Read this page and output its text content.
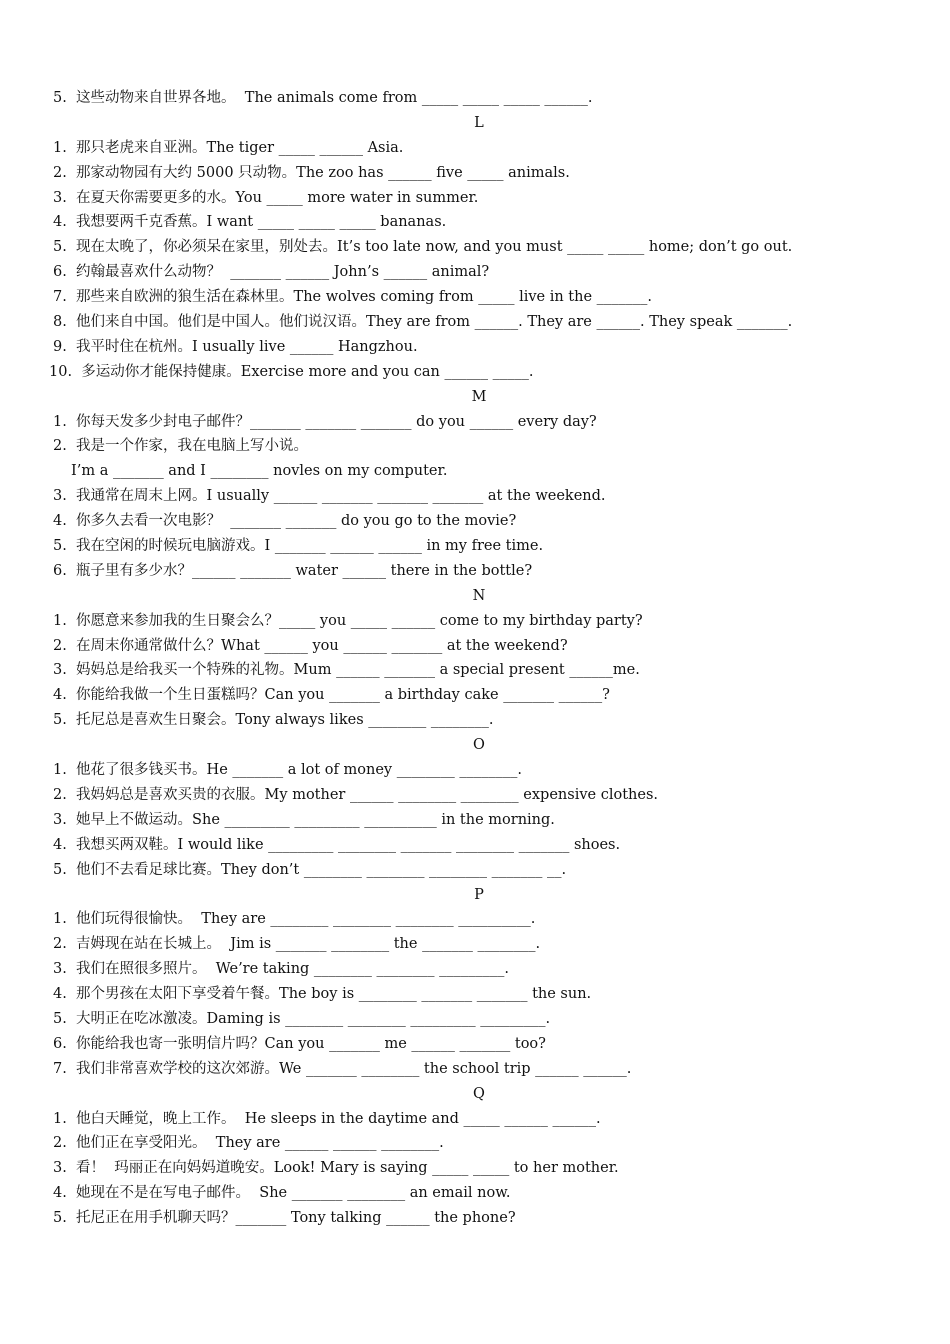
5.  这些动物来自世界各地。  The animals come from _____ _____ _____ ______.
L
1.  那只老虎来自亚洲。The tiger _____ ______ Asia.
2.  那家动物园有大约 5000 只动物。The zoo has ______ five _____ animals.
3.  在夏天你需要更多的水。You _____ more water in summer.
4.  我想要两千克香蕉。I want _____ _____ _____ bananas.
5.  现在太晚了，你必须呆在家里，别处去。It’s too late now, and you must _____ _____ home; don’t go out.
6.  约翰最喜欢什么动物？  _______ ______ John’s ______ animal?
7.  那些来自欧洲的狼生活在森林里。The wolves coming from _____ live in the _______.
8.  他们来自中国。他们是中国人。他们说汉语。They are from ______. They are ______. They speak _______.
9.  我平时住在杭州。I usually live ______ Hangzhou.
10.  多运动你才能保持健康。Exercise more and you can ______ _____.
M
1.  你每天发多少封电子邮件？_______ _______ _______ do you ______ every day?
2.  我是一个作家，我在电脑上写小说。
I’m a _______ and I ________ novles on my computer.
3.  我通常在周末上网。I usually ______ _______ _______ _______ at the weekend.
4.  你多久去看一次电影？  _______ _______ do you go to the movie?
5.  我在空闲的时候玩电脑游戏。I _______ ______ ______ in my free time.
6.  瓶子里有多少水？______ _______ water ______ there in the bottle?
N
1.  你愿意来参加我的生日聚会么？_____ you _____ ______ come to my birthday party?
2.  在周末你通常做什么？What ______ you ______ _______ at the weekend?
3.  妈妈总是给我买一个特殊的礼物。Mum ______ _______ a special present ______me.
4.  你能给我做一个生日蛋糕吗？Can you _______ a birthday cake _______ ______?
5.  托尼总是喜欢生日聚会。Tony always likes ________ ________.
O
1.  他花了很多钱买书。He _______ a lot of money ________ ________.
2.  我妈妈总是喜欢买贵的衣服。My mother ______ ________ ________ expensive clothes.
3.  她早上不做运动。She _________ _________ __________ in the morning.
4.  我想买两双鞋。I would like _________ ________ _______ ________ _______ shoes.
5.  他们不去看足球比赛。They don’t ________ ________ ________ _______ __.
P
1.  他们玩得很愉快。  They are ________ ________ ________ __________.
2.  吉姆现在站在长城上。  Jim is _______ ________ the _______ ________.
3.  我们在照很多照片。  We’re taking ________ ________ _________.
4.  那个男孩在太阳下享受着午餐。The boy is ________ _______ _______ the sun.
5.  大明正在吃冰激凌。Daming is ________ ________ _________ _________.
6.  你能给我也寄一张明信片吗？Can you _______ me ______ _______ too?
7.  我们非常喜欢学校的这次郊游。We _______ ________ the school trip ______ ______.
Q
1.  他白天睡觉，晚上工作。  He sleeps in the daytime and _____ ______ ______.
2.  他们正在享受阳光。  They are ______ ______ ________.
3.  看！  玛丽正在向妈妈道晚安。Look! Mary is saying _____ _____ to her mother.
4.  她现在不是在写电子邮件。  She _______ ________ an email now.
5.  托尼正在用手机聊天吗？_______ Tony talking ______ the phone?
